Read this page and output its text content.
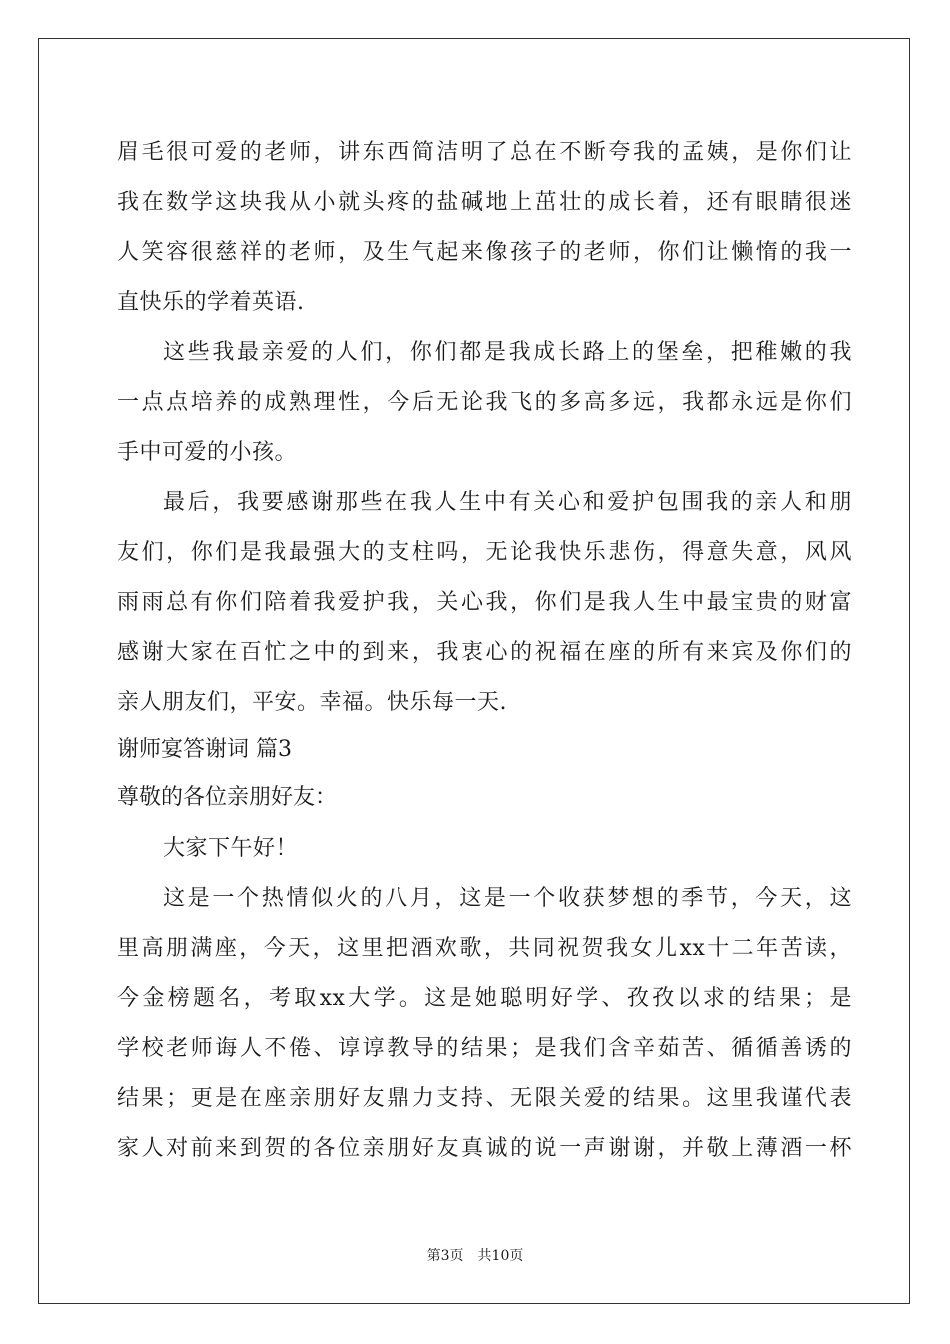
眉毛很可爱的老师，讲东西简洁明了总在不断夸我的孟姨，是你们让
我在数学这块我从小就头疼的盐碱地上茁壮的成长着，还有眼睛很迷
人笑容很慈祥的老师，及生气起来像孩子的老师，你们让懒惰的我一
直快乐的学着英语.
这些我最亲爱的人们，你们都是我成长路上的堡垒，把稚嫩的我
一点点培养的成熟理性，今后无论我飞的多高多远，我都永远是你们
手中可爱的小孩。
最后，我要感谢那些在我人生中有关心和爱护包围我的亲人和朋
友们，你们是我最强大的支柱吗，无论我快乐悲伤，得意失意，风风
雨雨总有你们陪着我爱护我，关心我，你们是我人生中最宝贵的财富
感谢大家在百忙之中的到来，我衷心的祝福在座的所有来宾及你们的
亲人朋友们，平安。幸福。快乐每一天.
谢师宴答谢词 篇3
尊敬的各位亲朋好友：
大家下午好！
这是一个热情似火的八月，这是一个收获梦想的季节，今天，这
里高朋满座，今天，这里把酒欢歌，共同祝贺我女儿xx十二年苦读，
今金榜题名，考取xx大学。这是她聪明好学、孜孜以求的结果；是
学校老师诲人不倦、谆谆教导的结果；是我们含辛茹苦、循循善诱的
结果；更是在座亲朋好友鼎力支持、无限关爱的结果。这里我谨代表
家人对前来到贺的各位亲朋好友真诚的说一声谢谢，并敬上薄酒一杯
第3页 共10页
